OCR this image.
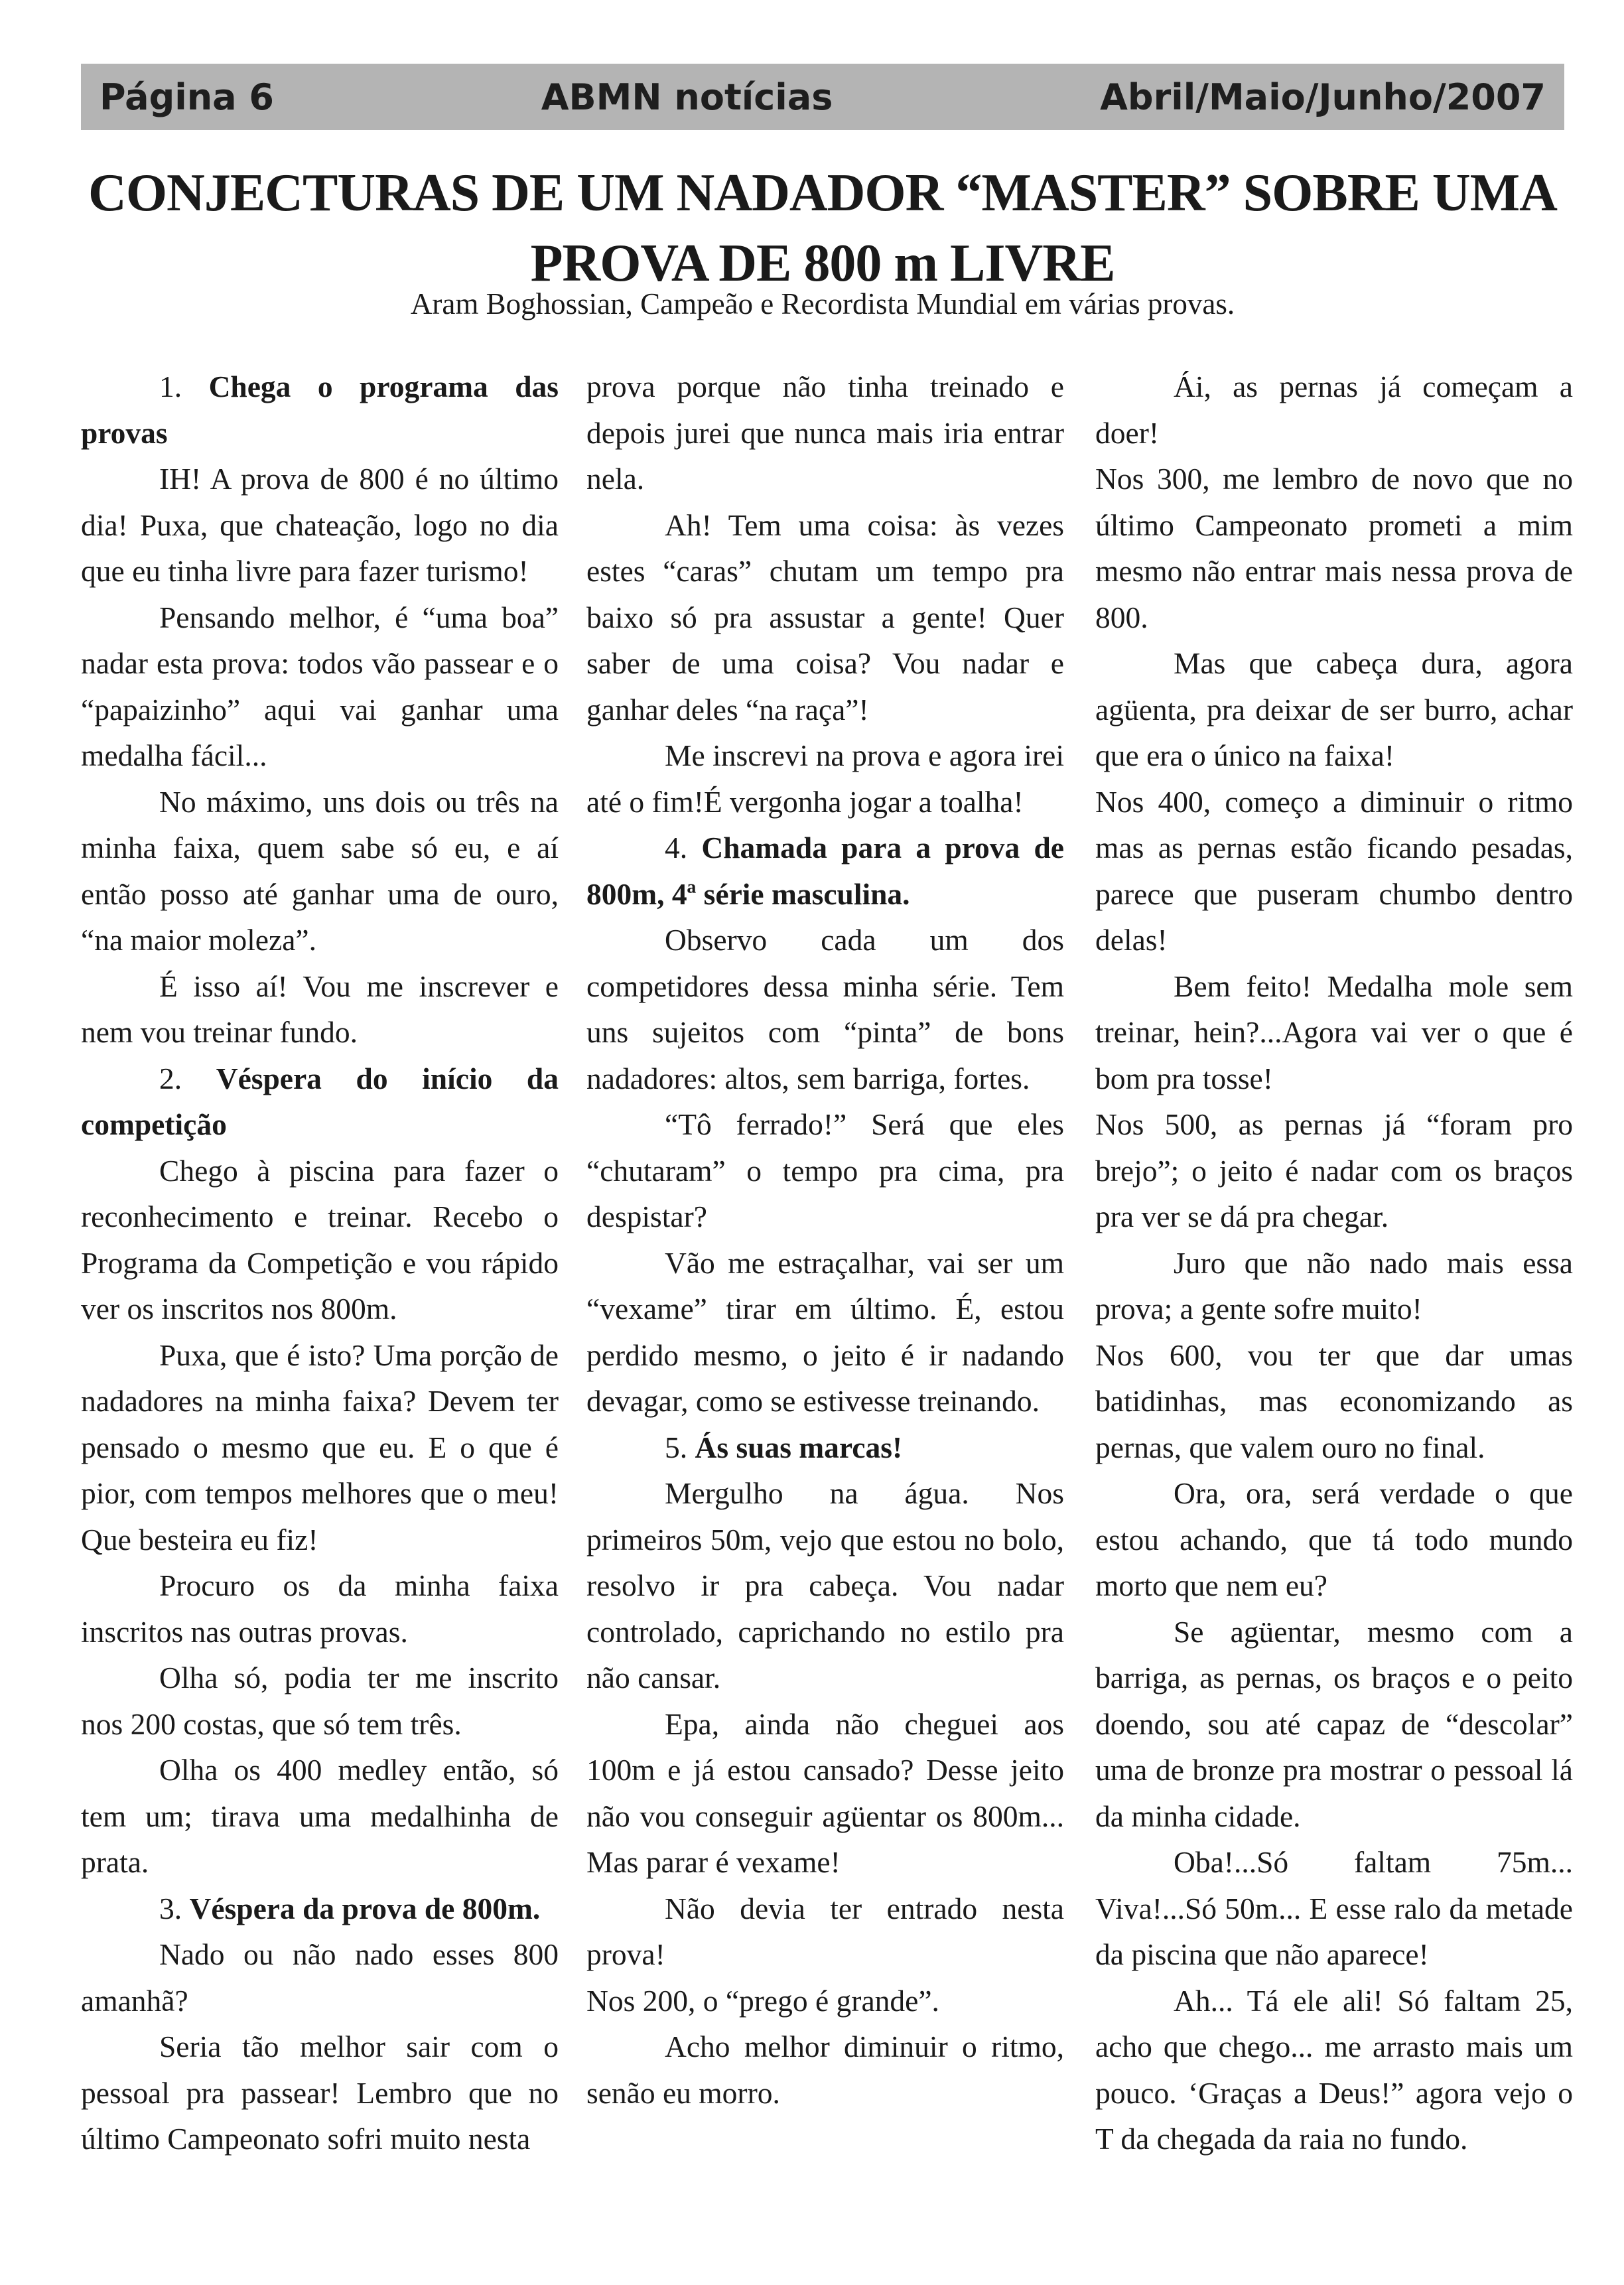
Página 6	ABMN notícias	Abril/Maio/Junho/2007
CONJECTURAS DE UM NADADOR “MASTER” SOBRE UMA
PROVA DE 800 m LIVRE
Aram Boghossian, Campeão e Recordista Mundial em várias provas.

1. Chega o programa das provas

IH! A prova de 800 é no último dia! Puxa, que chateação, logo no dia que eu tinha livre para fazer turismo!

Pensando melhor, é “uma boa” nadar esta prova: todos vão passear e o “papaizinho” aqui vai ganhar uma medalha fácil...

No máximo, uns dois ou três na minha faixa, quem sabe só eu, e aí então posso até ganhar uma de ouro, “na maior moleza”.

É isso aí! Vou me inscrever e nem vou treinar fundo.

2. Véspera do início da competição

Chego à piscina para fazer o reconhecimento e treinar. Recebo o Programa da Competição e vou rápido ver os inscritos nos 800m.

Puxa, que é isto? Uma porção de nadadores na minha faixa? Devem ter pensado o mesmo que eu. E o que é pior, com tempos melhores que o meu! Que besteira eu fiz!

Procuro os da minha faixa inscritos nas outras provas.

Olha só, podia ter me inscrito nos 200 costas, que só tem três.

Olha os 400 medley então, só tem um; tirava uma medalhinha de prata.

3. Véspera da prova de 800m.

Nado ou não nado esses 800 amanhã?

Seria tão melhor sair com o pessoal pra passear! Lembro que no último Campeonato sofri muito nesta

prova porque não tinha treinado e depois jurei que nunca mais iria entrar nela.

Ah! Tem uma coisa: às vezes estes “caras” chutam um tempo pra baixo só pra assustar a gente! Quer saber de uma coisa? Vou nadar e ganhar deles “na raça”!

Me inscrevi na prova e agora irei até o fim!É vergonha jogar a toalha!

4. Chamada para a prova de 800m, 4ª série masculina.

Observo cada um dos competidores dessa minha série. Tem uns sujeitos com “pinta” de bons nadadores: altos, sem barriga, fortes.

“Tô ferrado!” Será que eles “chutaram” o tempo pra cima, pra despistar?

Vão me estraçalhar, vai ser um “vexame” tirar em último. É, estou perdido mesmo, o jeito é ir nadando devagar, como se estivesse treinando.

5. Ás suas marcas!

Mergulho na água. Nos primeiros 50m, vejo que estou no bolo, resolvo ir pra cabeça. Vou nadar controlado, caprichando no estilo pra não cansar.

Epa, ainda não cheguei aos 100m e já estou cansado? Desse jeito não vou conseguir agüentar os 800m... Mas parar é vexame!

Não devia ter entrado nesta prova!

Nos 200, o “prego é grande”.

Acho melhor diminuir o ritmo, senão eu morro.

Ái, as pernas já começam a doer!

Nos 300, me lembro de novo que no último Campeonato prometi a mim mesmo não entrar mais nessa prova de 800.

Mas que cabeça dura, agora agüenta, pra deixar de ser burro, achar que era o único na faixa!

Nos 400, começo a diminuir o ritmo mas as pernas estão ficando pesadas, parece que puseram chumbo dentro delas!

Bem feito! Medalha mole sem treinar, hein?...Agora vai ver o que é bom pra tosse!

Nos 500, as pernas já “foram pro brejo”; o jeito é nadar com os braços pra ver se dá pra chegar.

Juro que não nado mais essa prova; a gente sofre muito!

Nos 600, vou ter que dar umas batidinhas, mas economizando as pernas, que valem ouro no final.

Ora, ora, será verdade o que estou achando, que tá todo mundo morto que nem eu?

Se agüentar, mesmo com a barriga, as pernas, os braços e o peito doendo, sou até capaz de “descolar” uma de bronze pra mostrar o pessoal lá da minha cidade.

Oba!...Só faltam 75m... Viva!...Só 50m... E esse ralo da metade da piscina que não aparece!

Ah... Tá ele ali! Só faltam 25, acho que chego... me arrasto mais um pouco. ‘Graças a Deus!” agora vejo o T da chegada da raia no fundo.
